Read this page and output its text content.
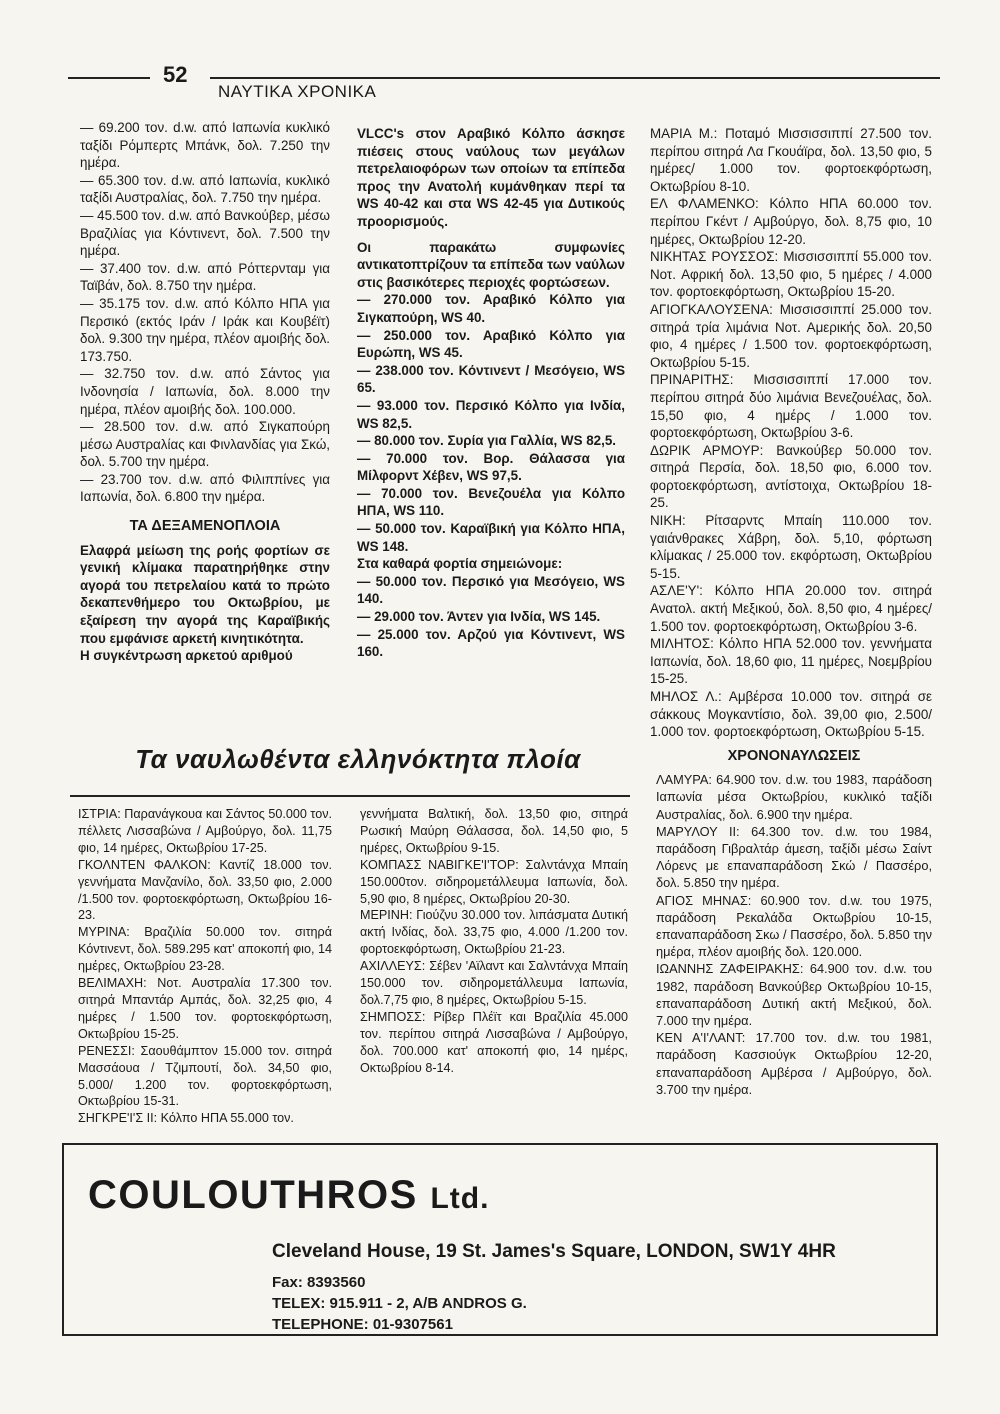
52
ΝΑΥΤΙΚΑ ΧΡΟΝΙΚΑ

— 69.200 τον. d.w. από Ιαπωνία κυκλικό ταξίδι Ρόμπερτς Μπάνκ, δολ. 7.250 την ημέρα.

— 65.300 τον. d.w. από Ιαπωνία, κυκλικό ταξίδι Αυστραλίας, δολ. 7.750 την ημέρα.

— 45.500 τον. d.w. από Βανκούβερ, μέσω Βραζιλίας για Κόντινεντ, δολ. 7.500 την ημέρα.

— 37.400 τον. d.w. από Ρόττερνταμ για Ταϊβάν, δολ. 8.750 την ημέρα.

— 35.175 τον. d.w. από Κόλπο ΗΠΑ για Περσικό (εκτός Ιράν / Ιράκ και Κουβέϊτ) δολ. 9.300 την ημέρα, πλέον αμοιβής δολ. 173.750.

— 32.750 τον. d.w. από Σάντος για Ινδονησία / Ιαπωνία, δολ. 8.000 την ημέρα, πλέον αμοιβής δολ. 100.000.

— 28.500 τον. d.w. από Σιγκαπούρη μέσω Αυστραλίας και Φινλανδίας για Σκώ, δολ. 5.700 την ημέρα.

— 23.700 τον. d.w. από Φιλιππίνες για Ιαπωνία, δολ. 6.800 την ημέρα.

ΤΑ ΔΕΞΑΜΕΝΟΠΛΟΙΑ

Ελαφρά μείωση της ροής φορτίων σε γενική κλίμακα παρατηρήθηκε στην αγορά του πετρελαίου κατά το πρώτο δεκαπενθήμερο του Οκτωβρίου, με εξαίρεση την αγορά της Καραϊβικής που εμφάνισε αρκετή κινητικότητα.

Η συγκέντρωση αρκετού αριθμού

VLCC's στον Αραβικό Κόλπο άσκησε πιέσεις στους ναύλους των μεγάλων πετρελαιοφόρων των οποίων τα επίπεδα προς την Ανατολή κυμάνθηκαν περί τα WS 40-42 και στα WS 42-45 για Δυτικούς προορισμούς.

Οι παρακάτω συμφωνίες αντικατοπτρίζουν τα επίπεδα των ναύλων στις βασικότερες περιοχές φορτώσεων.

— 270.000 τον. Αραβικό Κόλπο για Σιγκαπούρη, WS 40.

— 250.000 τον. Αραβικό Κόλπο για Ευρώπη, WS 45.

— 238.000 τον. Κόντινεντ / Μεσόγειο, WS 65.

— 93.000 τον. Περσικό Κόλπο για Ινδία, WS 82,5.

— 80.000 τον. Συρία για Γαλλία, WS 82,5.

— 70.000 τον. Βορ. Θάλασσα για Μίλφορντ Χέβεν, WS 97,5.

— 70.000 τον. Βενεζουέλα για Κόλπο ΗΠΑ, WS 110.

— 50.000 τον. Καραϊβική για Κόλπο ΗΠΑ, WS 148.

Στα καθαρά φορτία σημειώνομε:

— 50.000 τον. Περσικό για Μεσόγειο, WS 140.

— 29.000 τον. Άντεν για Ινδία, WS 145.

— 25.000 τον. Αρζού για Κόντινεντ, WS 160.

ΜΑΡΙΑ Μ.: Ποταμό Μισσισσιππί 27.500 τον. περίπου σιτηρά Λα Γκουάϊρα, δολ. 13,50 φιο, 5 ημέρες/ 1.000 τον. φορτοεκφόρτωση, Οκτωβρίου 8-10.

ΕΛ ΦΛΑΜΕΝΚΟ: Κόλπο ΗΠΑ 60.000 τον. περίπου Γκέντ / Αμβούργο, δολ. 8,75 φιο, 10 ημέρες, Οκτωβρίου 12-20.

ΝΙΚΗΤΑΣ ΡΟΥΣΣΟΣ: Μισσισσιππί 55.000 τον. Νοτ. Αφρική δολ. 13,50 φιο, 5 ημέρες / 4.000 τον. φορτοεκφόρτωση, Οκτωβρίου 15-20.

ΑΓΙΟΓΚΑΛΟΥΣΕΝΑ: Μισσισσιππί 25.000 τον. σιτηρά τρία λιμάνια Νοτ. Αμερικής δολ. 20,50 φιο, 4 ημέρες / 1.500 τον. φορτοεκφόρτωση, Οκτωβρίου 5-15.

ΠΡΙΝΑΡΙΤΗΣ: Μισσισσιππί 17.000 τον. περίπου σιτηρά δύο λιμάνια Βενεζουέλας, δολ. 15,50 φιο, 4 ημέρς / 1.000 τον. φορτοεκφόρτωση, Οκτωβρίου 3-6.

ΔΩΡΙΚ ΑΡΜΟΥΡ: Βανκούβερ 50.000 τον. σιτηρά Περσία, δολ. 18,50 φιο, 6.000 τον. φορτοεκφόρτωση, αντίστοιχα, Οκτωβρίου 18-25.

ΝΙΚΗ: Ρίτσαρντς Μπαίη 110.000 τον. γαιάνθρακες Χάβρη, δολ. 5,10, φόρτωση κλίμακας / 25.000 τον. εκφόρτωση, Οκτωβρίου 5-15.

ΑΣΛΕ'Υ': Κόλπο ΗΠΑ 20.000 τον. σιτηρά Ανατολ. ακτή Μεξικού, δολ. 8,50 φιο, 4 ημέρες/ 1.500 τον. φορτοεκφόρτωση, Οκτωβρίου 3-6.

ΜΙΛΗΤΟΣ: Κόλπο ΗΠΑ 52.000 τον. γεννήματα Ιαπωνία, δολ. 18,60 φιο, 11 ημέρες, Νοεμβρίου 15-25.

ΜΗΛΟΣ Λ.: Αμβέρσα 10.000 τον. σιτηρά σε σάκκους Μογκαντίσιο, δολ. 39,00 φιο, 2.500/ 1.000 τον. φορτοεκφόρτωση, Οκτωβρίου 5-15.

Τα ναυλωθέντα ελληνόκτητα πλοία

ΙΣΤΡΙΑ: Παρανάγκουα και Σάντος 50.000 τον. πέλλετς Λισσαβώνα / Αμβούργο, δολ. 11,75 φιο, 14 ημέρες, Οκτωβρίου 17-25.

ΓΚΟΛΝΤΕΝ ΦΑΛΚΟΝ: Καντίζ 18.000 τον. γεννήματα Μανζανίλο, δολ. 33,50 φιο, 2.000 /1.500 τον. φορτοεκφόρτωση, Οκτωβρίου 16-23.

ΜΥΡΙΝΑ: Βραζιλία 50.000 τον. σιτηρά Κόντινεντ, δολ. 589.295 κατ' αποκοπή φιο, 14 ημέρες, Οκτωβρίου 23-28.

ΒΕΛΙΜΑΧΗ: Νοτ. Αυστραλία 17.300 τον. σιτηρά Μπαντάρ Αμπάς, δολ. 32,25 φιο, 4 ημέρες / 1.500 τον. φορτοεκφόρτωση, Οκτωβρίου 15-25.

ΡΕΝΕΣΣΙ: Σαουθάμπτον 15.000 τον. σιτηρά Μασσάουα / Τζιμπουτί, δολ. 34,50 φιο, 5.000/ 1.200 τον. φορτοεκφόρτωση, Οκτωβρίου 15-31.

ΣΗΓΚΡΕ'Ι'Σ ΙΙ: Κόλπο ΗΠΑ 55.000 τον.

γεννήματα Βαλτική, δολ. 13,50 φιο, σιτηρά Ρωσική Μαύρη Θάλασσα, δολ. 14,50 φιο, 5 ημέρες, Οκτωβρίου 9-15.

ΚΟΜΠΑΣΣ ΝΑΒΙΓΚΕ'Ι'ΤΟΡ: Σαλντάνχα Μπαίη 150.000τον. σιδηρομετάλλευμα Ιαπωνία, δολ. 5,90 φιο, 8 ημέρες, Οκτωβρίου 20-30.

ΜΕΡΙΝΗ: Γιούζνυ 30.000 τον. λιπάσματα Δυτική ακτή Ινδίας, δολ. 33,75 φιο, 4.000 /1.200 τον. φορτοεκφόρτωση, Οκτωβρίου 21-23.

ΑΧΙΛΛΕΥΣ: Σέβεν 'Αϊλαντ και Σαλντάνχα Μπαίη 150.000 τον. σιδηρομετάλλευμα Ιαπωνία, δολ.7,75 φιο, 8 ημέρες, Οκτωβρίου 5-15.

ΣΗΜΠΟΣΣ: Ρίβερ Πλέϊτ και Βραζιλία 45.000 τον. περίπου σιτηρά Λισσαβώνα / Αμβούργο, δολ. 700.000 κατ' αποκοπή φιο, 14 ημέρς, Οκτωβρίου 8-14.

ΧΡΟΝΟΝΑΥΛΩΣΕΙΣ

ΛΑΜΥΡΑ: 64.900 τον. d.w. του 1983, παράδοση Ιαπωνία μέσα Οκτωβρίου, κυκλικό ταξίδι Αυστραλίας, δολ. 6.900 την ημέρα.

ΜΑΡΥΛΟΥ ΙΙ: 64.300 τον. d.w. του 1984, παράδοση Γιβραλτάρ άμεση, ταξίδι μέσω Σαίντ Λόρενς με επαναπαράδοση Σκώ / Πασσέρο, δολ. 5.850 την ημέρα.

ΑΓΙΟΣ ΜΗΝΑΣ: 60.900 τον. d.w. του 1975, παράδοση Ρεκαλάδα Οκτωβρίου 10-15, επαναπαράδοση Σκω / Πασσέρο, δολ. 5.850 την ημέρα, πλέον αμοιβής δολ. 120.000.

ΙΩΑΝΝΗΣ ΖΑΦΕΙΡΑΚΗΣ: 64.900 τον. d.w. του 1982, παράδοση Βανκούβερ Οκτωβρίου 10-15, επαναπαράδοση Δυτική ακτή Μεξικού, δολ. 7.000 την ημέρα.

ΚΕΝ Α'Ι'ΛΑΝΤ: 17.700 τον. d.w. του 1981, παράδοση Κασσιούγκ Οκτωβρίου 12-20, επαναπαράδοση Αμβέρσα / Αμβούργο, δολ. 3.700 την ημέρα.

COULOUTHROS Ltd.
Cleveland House, 19 St. James's Square, LONDON, SW1Y 4HR
Fax: 8393560
TELEX: 915.911 - 2, A/B ANDROS G.
TELEPHONE: 01-9307561
